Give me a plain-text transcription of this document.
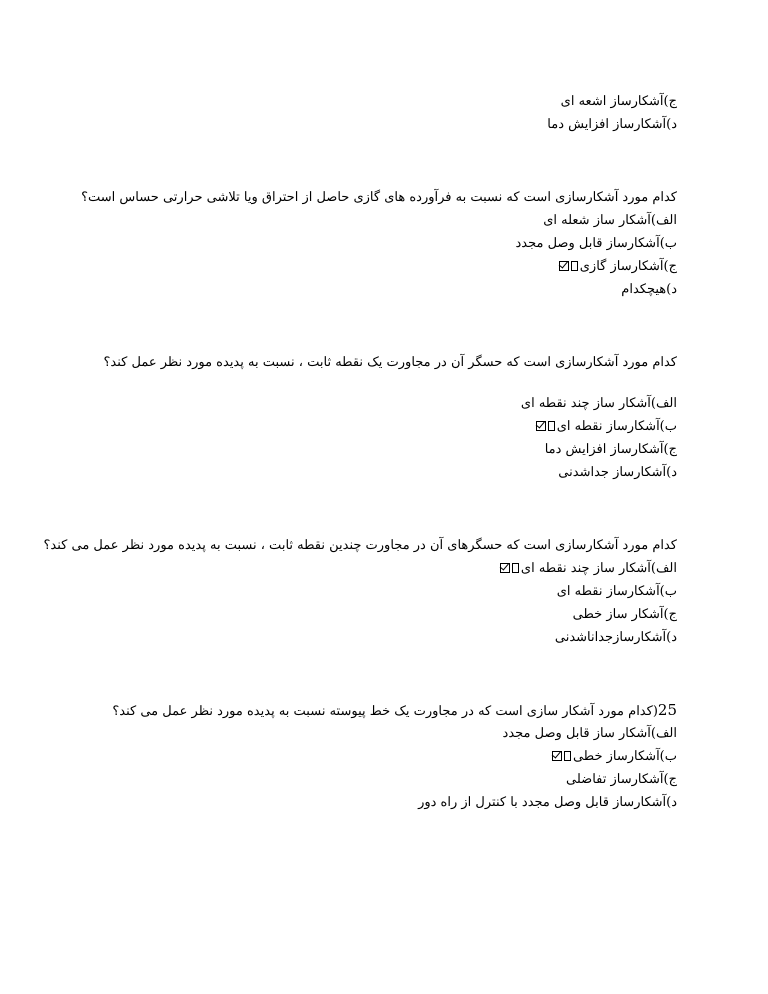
ج)آشکارساز اشعه ای
د)آشکارساز افزایش دما
کدام مورد آشکارسازی است که نسبت به فرآورده های گازی حاصل از احتراق ویا تلاشی حرارتی حساس است؟
الف)آشکار ساز شعله ای
ب)آشکارساز قابل وصل مجدد
ج)آشکارساز گازی
د)هیچکدام
کدام مورد آشکارسازی است که حسگر آن در مجاورت یک نقطه ثابت ، نسبت به پدیده مورد نظر عمل کند؟
الف)آشکار ساز چند نقطه ای
ب)آشکارساز نقطه ای
ج)آشکارساز افزایش دما
د)آشکارساز جداشدنی
کدام مورد آشکارسازی است که حسگرهای آن در مجاورت چندین نقطه ثابت ، نسبت به پدیده مورد نظر عمل می کند؟
الف)آشکار ساز چند نقطه ای
ب)آشکارساز نقطه ای
ج)آشکار ساز خطی
د)آشکارسازجداناشدنی
25(کدام مورد آشکار سازی است که در مجاورت یک خط پیوسته نسبت به پدیده مورد نظر عمل می کند؟
الف)آشکار ساز قابل وصل مجدد
ب)آشکارساز خطی
ج)آشکارساز تفاضلی
د)آشکارساز قابل وصل مجدد با کنترل از راه دور
